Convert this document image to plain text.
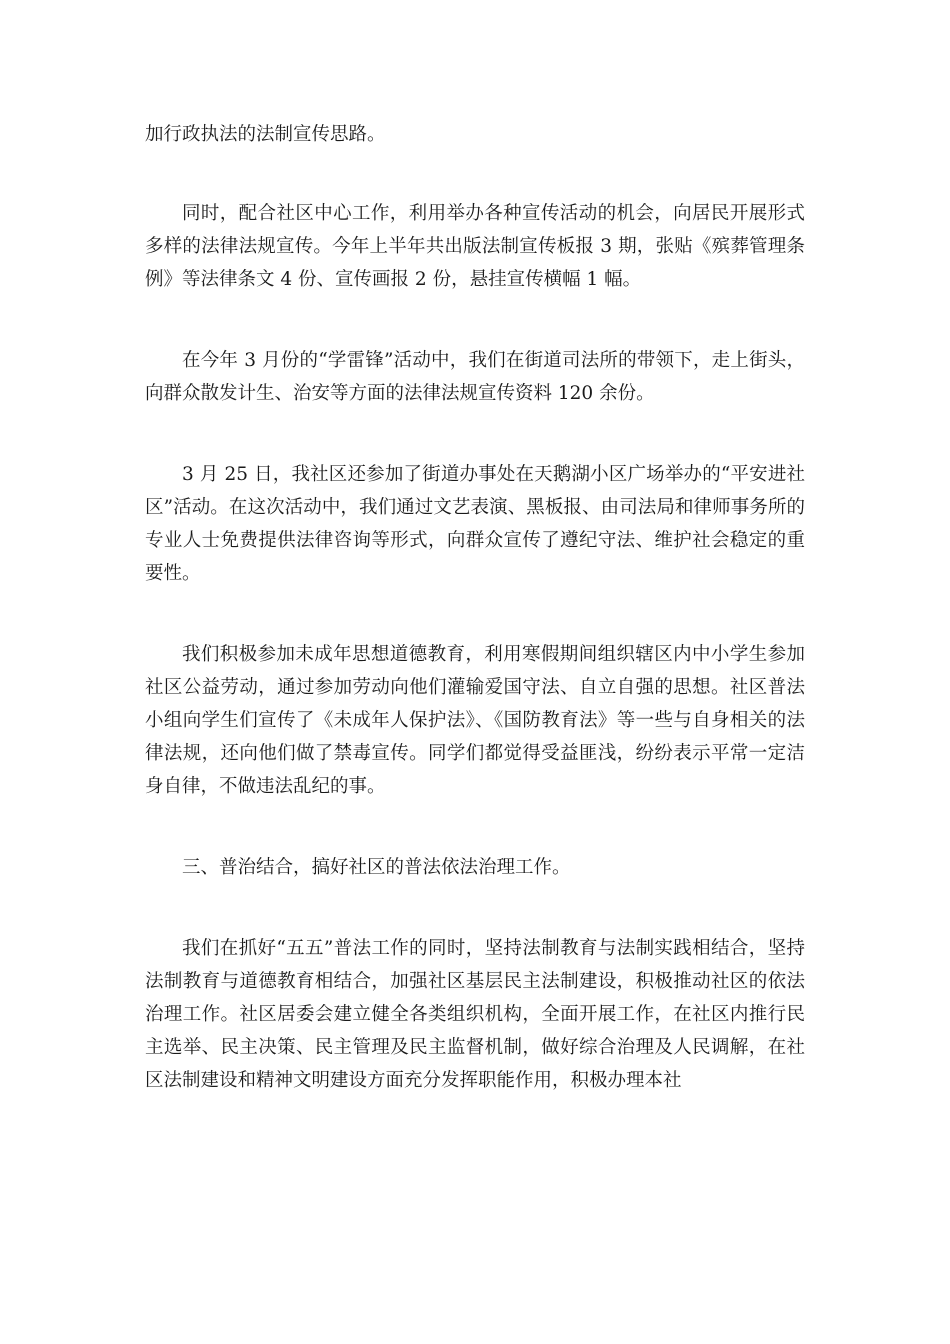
加行政执法的法制宣传思路。

同时，配合社区中心工作，利用举办各种宣传活动的机会，向居民开展形式多样的法律法规宣传。今年上半年共出版法制宣传板报 3 期，张贴《殡葬管理条例》等法律条文 4 份、宣传画报 2 份，悬挂宣传横幅 1 幅。

在今年 3 月份的“学雷锋”活动中，我们在街道司法所的带领下，走上街头，向群众散发计生、治安等方面的法律法规宣传资料 120 余份。

3 月 25 日，我社区还参加了街道办事处在天鹅湖小区广场举办的“平安进社区”活动。在这次活动中，我们通过文艺表演、黑板报、由司法局和律师事务所的专业人士免费提供法律咨询等形式，向群众宣传了遵纪守法、维护社会稳定的重要性。

我们积极参加未成年思想道德教育，利用寒假期间组织辖区内中小学生参加社区公益劳动，通过参加劳动向他们灌输爱国守法、自立自强的思想。社区普法小组向学生们宣传了《未成年人保护法》、《国防教育法》等一些与自身相关的法律法规，还向他们做了禁毒宣传。同学们都觉得受益匪浅，纷纷表示平常一定洁身自律，不做违法乱纪的事。

三、普治结合，搞好社区的普法依法治理工作。

我们在抓好“五五”普法工作的同时，坚持法制教育与法制实践相结合，坚持法制教育与道德教育相结合，加强社区基层民主法制建设，积极推动社区的依法治理工作。社区居委会建立健全各类组织机构，全面开展工作，在社区内推行民主选举、民主决策、民主管理及民主监督机制，做好综合治理及人民调解，在社区法制建设和精神文明建设方面充分发挥职能作用，积极办理本社
